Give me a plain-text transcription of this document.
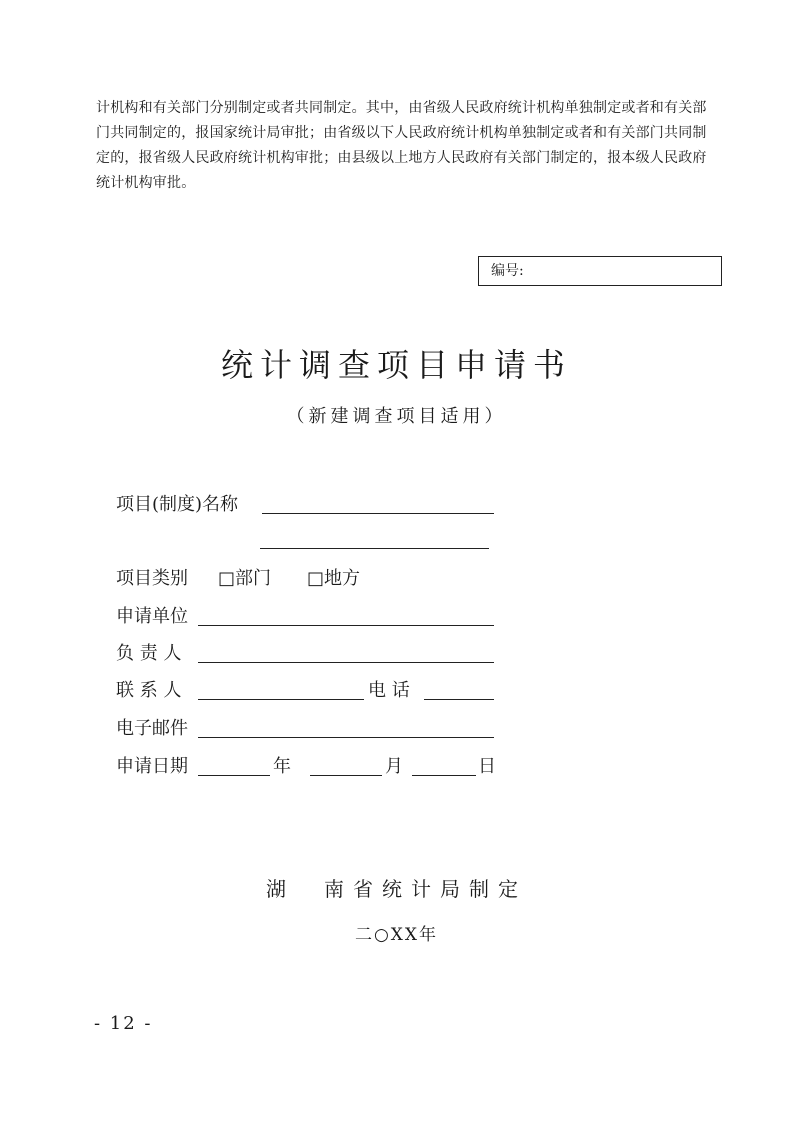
计机构和有关部门分别制定或者共同制定。其中，由省级人民政府统计机构单独制定或者和有关部

门共同制定的，报国家统计局审批；由省级以下人民政府统计机构单独制定或者和有关部门共同制

定的，报省级人民政府统计机构审批；由县级以上地方人民政府有关部门制定的，报本级人民政府

统计机构审批。

编号:
统计调查项目申请书

（新建调查项目适用）

项目(制度)名称
项目类别 □部门 □地方
申请单位
负 责 人
联 系 人	电 话
电子邮件
申请日期	年	月	日

湖　南省统计局制定

二○XX年

- 12 -
